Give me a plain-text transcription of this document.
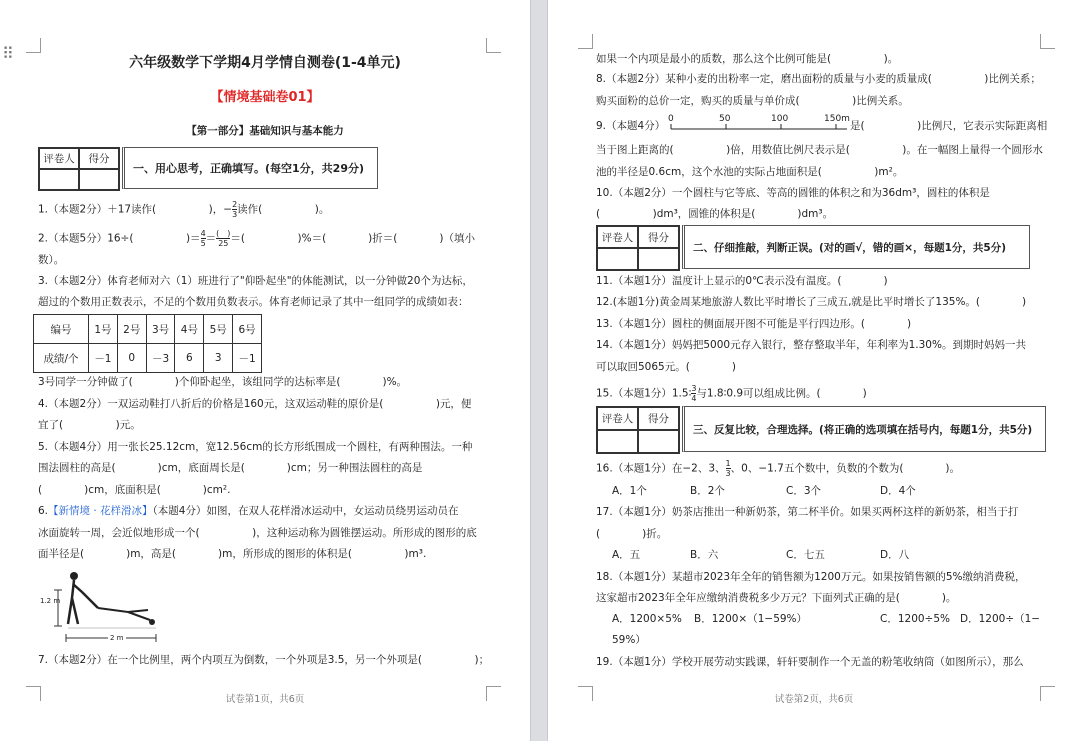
⠿	六年级数学下学期4月学情自测卷(1-4单元)
【情境基础卷01】
【第一部分】基础知识与基本能力
评卷人	得分
一、用心思考，正确填写。(每空1分，共29分)
1.（本题2分）＋17读作(　　　　　)，− $\frac{2}{3}$ 读作(　　　　　)。
2.（本题5分）16÷(　　　　　)＝ $\frac{4}{5} = \frac{( )}{25}$ ＝(　　　　　)%＝(　　　　)折＝(　　　　)（填小
数）。
3.（本题2分）体育老师对六（1）班进行了"仰卧起坐"的体能测试，以一分钟做20个为达标，
超过的个数用正数表示，不足的个数用负数表示。体育老师记录了其中一组同学的成绩如表：
编号	1号	2号	3号	4号	5号	6号
成绩/个	－1	0	－3	6	3	－1
3号同学一分钟做了(　　　　)个仰卧起坐，该组同学的达标率是(　　　　)%。
4.（本题2分）一双运动鞋打八折后的价格是160元，这双运动鞋的原价是(　　　　　)元，便
宜了(　　　　　)元。
5.（本题4分）用一张长25.12cm，宽12.56cm的长方形纸围成一个圆柱，有两种围法。一种
围法圆柱的高是(　　　　)cm，底面周长是(　　　　)cm；另一种围法圆柱的高是
(　　　　)cm，底面积是(　　　　)cm².
6.【新情境 · 花样滑冰】（本题4分）如图，在双人花样滑冰运动中，女运动员绕男运动员在
冰面旋转一周，会近似地形成一个(　　　　　)，这种运动称为圆锥摆运动。所形成的图形的底
面半径是(　　　　)m，高是(　　　　)m，所形成的图形的体积是(　　　　　)m³.
1.2 m
2 m
7.（本题2分）在一个比例里，两个内项互为倒数，一个外项是3.5，另一个外项是(　　　　　)；
试卷第1页，共6页
如果一个内项是最小的质数，那么这个比例可能是(　　　　　)。
8.（本题2分）某种小麦的出粉率一定，磨出面粉的质量与小麦的质量成(　　　　　)比例关系；
购买面粉的总价一定，购买的质量与单价成(　　　　　)比例关系。
9.（本题4分）
0	50	100	150m
是(　　　　　)比例尺，它表示实际距离相
当于图上距离的(　　　　　)倍，用数值比例尺表示是(　　　　　)。在一幅图上量得一个圆形水
池的半径是0.6cm，这个水池的实际占地面积是(　　　　　)m²。
10.（本题2分）一个圆柱与它等底、等高的圆锥的体积之和为36dm³，圆柱的体积是
(　　　　　)dm³，圆锥的体积是(　　　　)dm³。
评卷人	得分
二、仔细推敲，判断正误。(对的画√，错的画×，每题1分，共5分)
11.（本题1分）温度计上显示的0℃表示没有温度。(　　　　)
12.(本题1分)黄金周某地旅游人数比平时增长了三成五,就是比平时增长了135%。(　　　　)
13.（本题1分）圆柱的侧面展开图不可能是平行四边形。(　　　　)
14.（本题1分）妈妈把5000元存入银行，整存整取半年，年利率为1.30%。到期时妈妈一共
可以取回5065元。(　　　　)
15.（本题1分）1.5∶ $\frac{3}{4}$ 与1.8∶0.9可以组成比例。(　　　　)
评卷人	得分
三、反复比较，合理选择。(将正确的选项填在括号内，每题1分，共5分)
16.（本题1分）在−2、3、 $\frac{1}{3}$ 、0、−1.7五个数中，负数的个数为(　　　　)。
A．1个	B．2个	C．3个	D．4个
17.（本题1分）奶茶店推出一种新奶茶，第二杯半价。如果买两杯这样的新奶茶，相当于打
(　　　　)折。
A．五	B．六	C．七五	D．八
18.（本题1分）某超市2023年全年的销售额为1200万元。如果按销售额的5%缴纳消费税，
这家超市2023年全年应缴纳消费税多少万元？下面列式正确的是(　　　　)。
A．1200×5% B．1200×（1−59%）	C．1200÷5% D．1200÷（1−
59%）
19.（本题1分）学校开展劳动实践课，轩轩要制作一个无盖的粉笔收纳筒（如图所示），那么
试卷第2页，共6页
